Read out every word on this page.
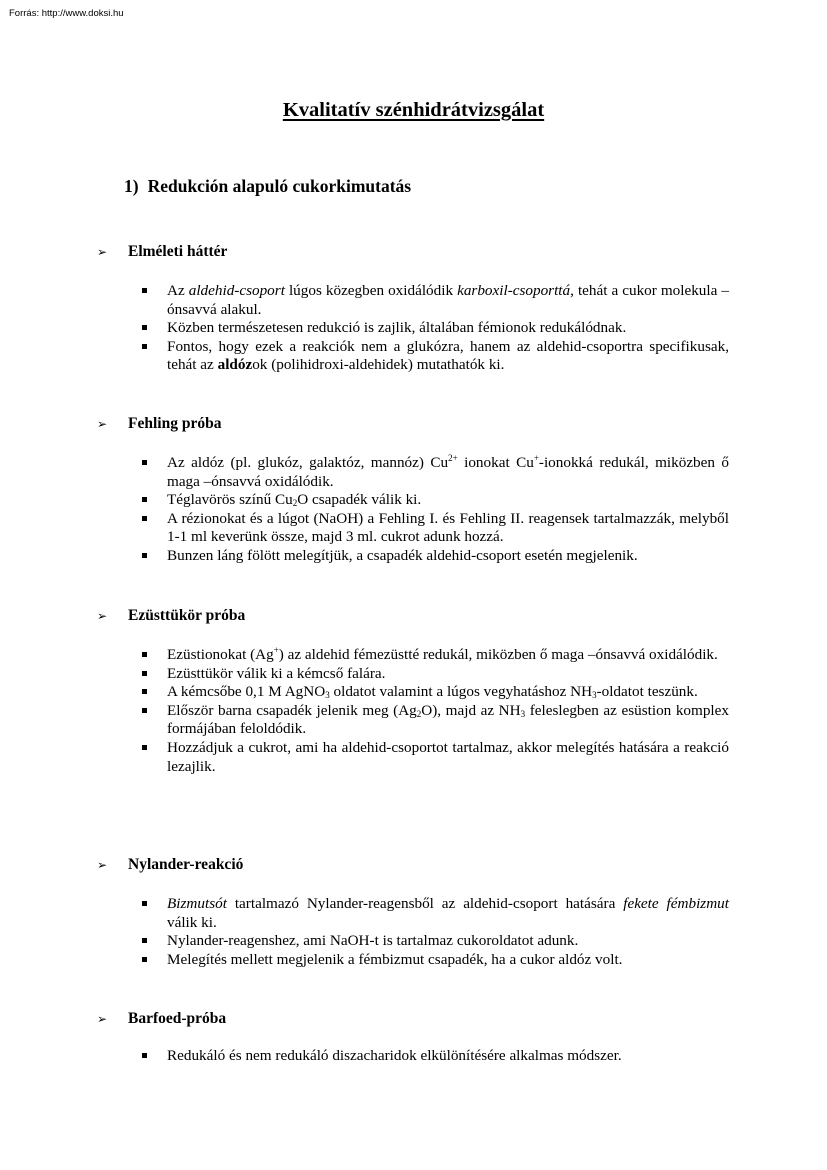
Forrás: http://www.doksi.hu
Kvalitatív szénhidrátvizsgálat
1) Redukción alapuló cukorkimutatás
➢	Elméleti háttér
Az aldehid-csoport lúgos közegben oxidálódik karboxil-csoporttá, tehát a cukor molekula –ónsavvá alakul.
Közben természetesen redukció is zajlik, általában fémionok redukálódnak.
Fontos, hogy ezek a reakciók nem a glukózra, hanem az aldehid-csoportra specifikusak, tehát az aldózok (polihidroxi-aldehidek) mutathatók ki.
➢	Fehling próba
Az aldóz (pl. glukóz, galaktóz, mannóz) $Cu^{2+}$ ionokat Cu+-ionokká redukál, miközben ő maga –ónsavvá oxidálódik.
Téglavörös színű $Cu_2O$ csapadék válik ki.
A rézionokat és a lúgot (NaOH) a Fehling I. és Fehling II. reagensek tartalmazzák, melyből 1-1 ml keverünk össze, majd 3 ml. cukrot adunk hozzá.
Bunzen láng fölött melegítjük, a csapadék aldehid-csoport esetén megjelenik.
➢	Ezüsttükör próba
Ezüstionokat (Ag+) az aldehid fémezüstté redukál, miközben ő maga –ónsavvá oxidálódik.
Ezüsttükör válik ki a kémcső falára.
A kémcsőbe 0,1 M AgNO$_3$ oldatot valamint a lúgos vegyhatáshoz $NH_3$-oldatot teszünk.
Először barna csapadék jelenik meg $(Ag_2O)$, majd az $NH_3$ feleslegben az esüstion komplex formájában feloldódik.
Hozzádjuk a cukrot, ami ha aldehid-csoportot tartalmaz, akkor melegítés hatására a reakció lezajlik.
➢	Nylander-reakció
Bizmutsót tartalmazó Nylander-reagensből az aldehid-csoport hatására fekete fémbizmut válik ki.
Nylander-reagenshez, ami NaOH-t is tartalmaz cukoroldatot adunk.
Melegítés mellett megjelenik a fémbizmut csapadék, ha a cukor aldóz volt.
➢	Barfoed-próba
Redukáló és nem redukáló diszacharidok elkülönítésére alkalmas módszer.
